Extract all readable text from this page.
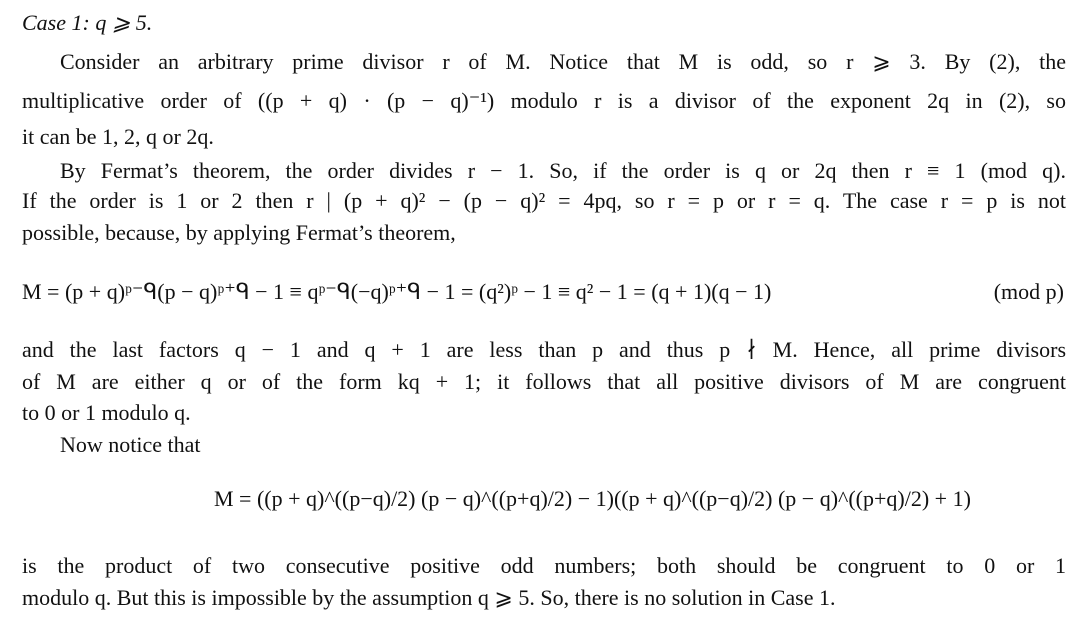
Case 1: q ⩾ 5.
Consider an arbitrary prime divisor r of M. Notice that M is odd, so r ⩾ 3. By (2), the
multiplicative order of ((p + q) · (p − q)⁻¹) modulo r is a divisor of the exponent 2q in (2), so
it can be 1, 2, q or 2q.
By Fermat’s theorem, the order divides r − 1. So, if the order is q or 2q then r ≡ 1 (mod q).
If the order is 1 or 2 then r | (p + q)² − (p − q)² = 4pq, so r = p or r = q. The case r = p is not
possible, because, by applying Fermat’s theorem,
M = (p + q)ᵖ⁻ᑫ(p − q)ᵖ⁺ᑫ − 1 ≡ qᵖ⁻ᑫ(−q)ᵖ⁺ᑫ − 1 = (q²)ᵖ − 1 ≡ q² − 1 = (q + 1)(q − 1)	(mod p)
and the last factors q − 1 and q + 1 are less than p and thus p ∤ M. Hence, all prime divisors
of M are either q or of the form kq + 1; it follows that all positive divisors of M are congruent
to 0 or 1 modulo q.
Now notice that
M = ((p + q)^((p−q)/2) (p − q)^((p+q)/2) − 1)((p + q)^((p−q)/2) (p − q)^((p+q)/2) + 1)
is the product of two consecutive positive odd numbers; both should be congruent to 0 or 1
modulo q. But this is impossible by the assumption q ⩾ 5. So, there is no solution in Case 1.
